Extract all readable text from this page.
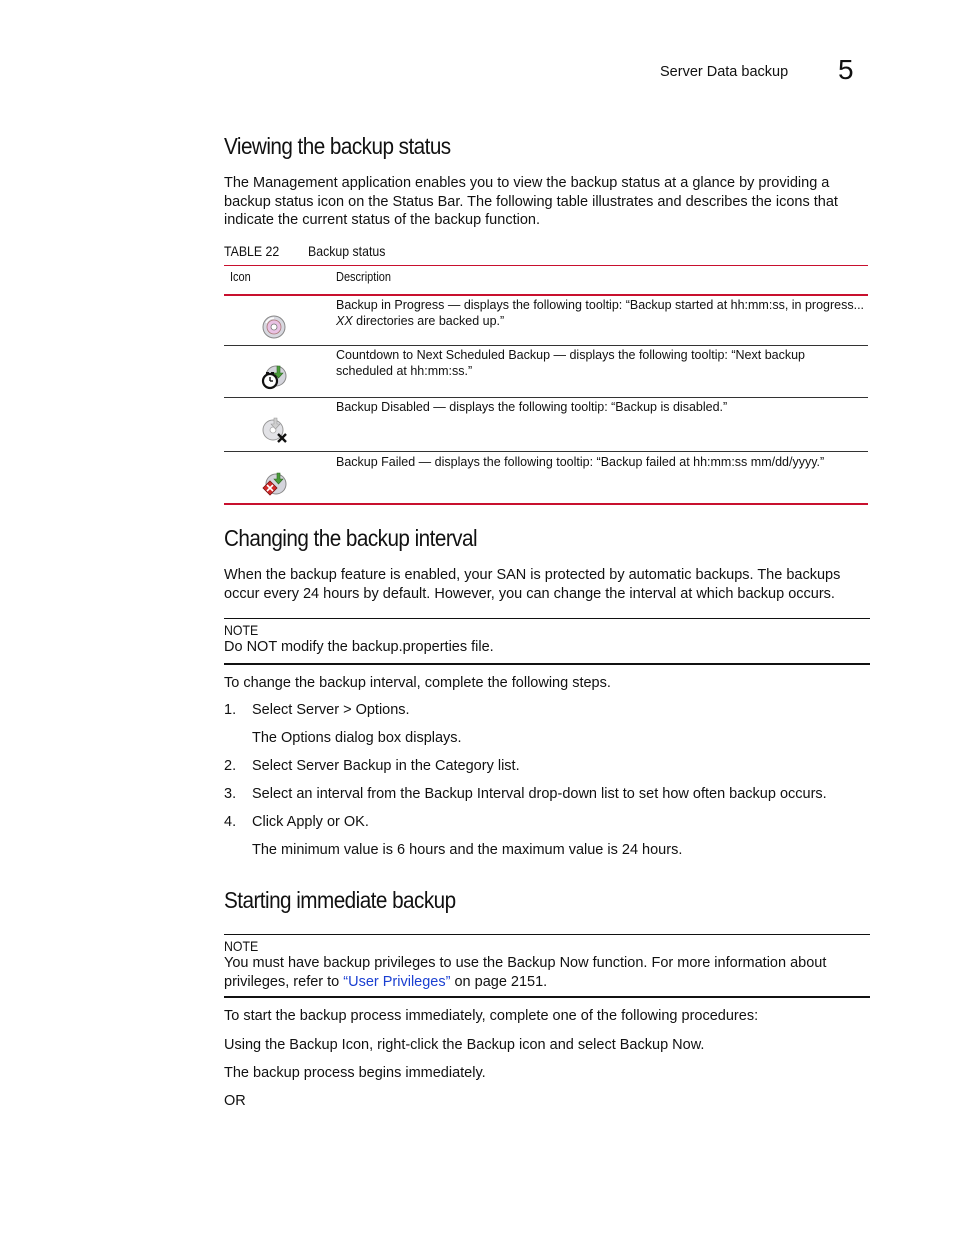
Server Data backup 5
Viewing the backup status

The Management application enables you to view the backup status at a glance by providing a backup status icon on the Status Bar. The following table illustrates and describes the icons that indicate the current status of the backup function.

TABLE 22	Backup status
Icon	Description
Backup in Progress — displays the following tooltip: “Backup started at hh:mm:ss, in progress...
XX directories are backed up.”
Countdown to Next Scheduled Backup — displays the following tooltip: “Next backup scheduled at hh:mm:ss.”
Backup Disabled — displays the following tooltip: “Backup is disabled.”
Backup Failed — displays the following tooltip: “Backup failed at hh:mm:ss mm/dd/yyyy.”
Changing the backup interval

When the backup feature is enabled, your SAN is protected by automatic backups. The backups occur every 24 hours by default. However, you can change the interval at which backup occurs.

NOTE
Do NOT modify the backup.properties file.

To change the backup interval, complete the following steps.

1. Select Server > Options.
The Options dialog box displays.
2. Select Server Backup in the Category list.
3. Select an interval from the Backup Interval drop-down list to set how often backup occurs.
4. Click Apply or OK.
The minimum value is 6 hours and the maximum value is 24 hours.
Starting immediate backup
NOTE
You must have backup privileges to use the Backup Now function. For more information about privileges, refer to “User Privileges” on page 2151.

To start the backup process immediately, complete one of the following procedures:

Using the Backup Icon, right-click the Backup icon and select Backup Now.

The backup process begins immediately.

OR
